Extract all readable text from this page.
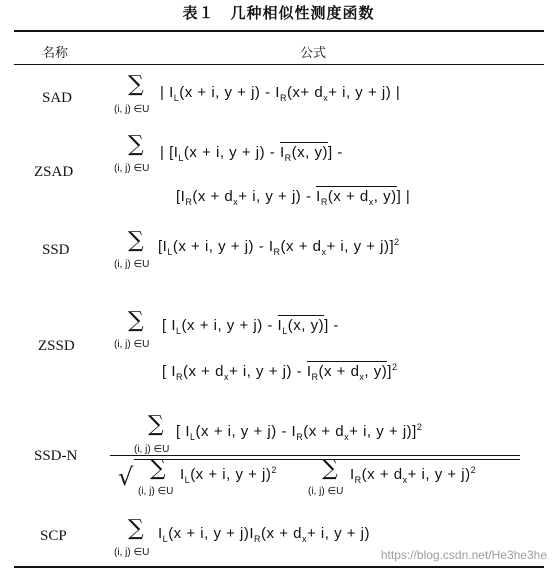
表１　几种相似性测度函数
名称	公式
SAD
ZSAD
SSD
ZSSD
SSD-N
SCP
∑
(i, j) ∈U
| $I_L(x + i$, $y + j) - I_R(x+ d_x+ i$, y + j) |
∑
(i, j) ∈U
| [$I_L(x + i$, $y + j) - I_R(x$, y)] -
[$I_R(x + d_x+ i$, $y + j) - I_R(x + d_x$, y)] |
∑
(i, j) ∈U
[$I_L(x + i$, $y + j) - I_R(x + d_x+ i$, y + j)]$^2$
∑
(i, j) ∈U
[ $I_L(x + i$, $y + j) - I_L(x$, y)] -
[ $I_R(x + d_x+ i$, $y + j) - I_R(x + d_x$, y)]$^2$
∑
(i, j) ∈U
[ $I_L(x + i$, $y + j) - I_R(x + d_x+ i$, y + j)]$^2$
√ ∑
(i, j) ∈U
$I_L(x + i$, y + j)$^2$ ∑
(i, j) ∈U
$I_R(x + d_x+ i$, y + j)$^2$
∑
(i, j) ∈U
$I_L(x + i$, $y + j)I_R(x + d_x+ i$, y + j)
https://blog.csdn.net/He3he3he
